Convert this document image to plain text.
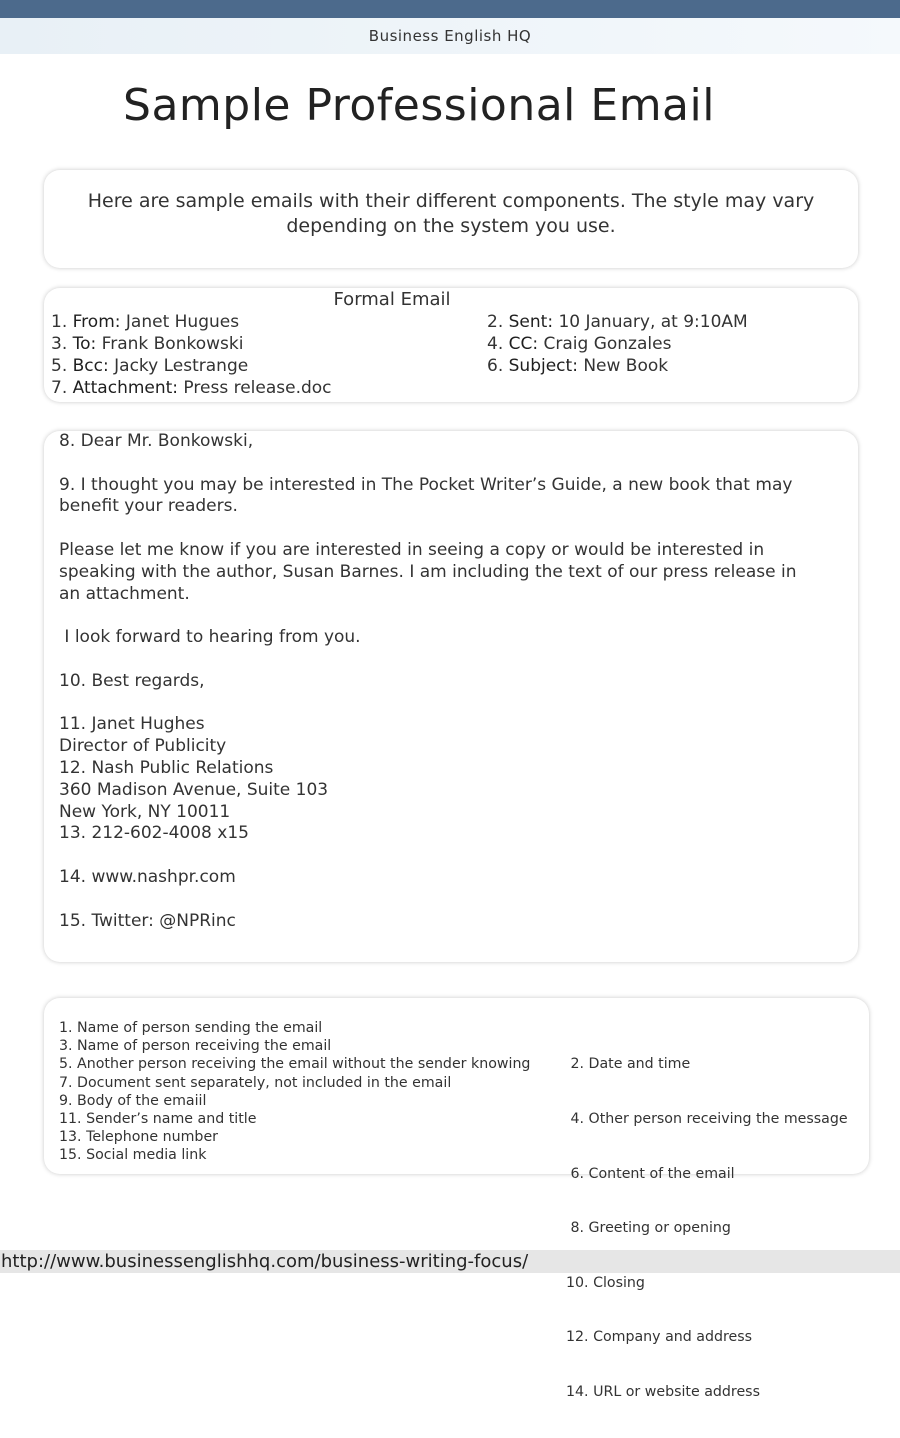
Business English HQ
Sample Professional Email
Here are sample emails with their different components. The style may vary depending on the system you use.
Formal Email
1. From: Janet Hugues	2. Sent: 10 January, at 9:10AM
3. To: Frank Bonkowski	4. CC: Craig Gonzales
5. Bcc: Jacky Lestrange	6. Subject: New Book
7. Attachment: Press release.doc

8. Dear Mr. Bonkowski,

9. I thought you may be interested in The Pocket Writer’s Guide, a new book that may

benefit your readers.

Please let me know if you are interested in seeing a copy or would be interested in

speaking with the author, Susan Barnes. I am including the text of our press release in

an attachment.

I look forward to hearing from you.

10. Best regards,

11. Janet Hughes

Director of Publicity

12. Nash Public Relations

360 Madison Avenue, Suite 103

New York, NY 10011

13. 212-602-4008 x15

14. www.nashpr.com

15. Twitter: @NPRinc

1. Name of person sending the email
3. Name of person receiving the email
5. Another person receiving the email without the sender knowing
7. Document sent separately, not included in the email
9. Body of the emaiil
11. Sender’s name and title
13. Telephone number
15. Social media link

2. Date and time

4. Other person receiving the message

6. Content of the email

8. Greeting or opening

10. Closing

12. Company and address

14. URL or website address

http://www.businessenglishhq.com/business-writing-focus/
